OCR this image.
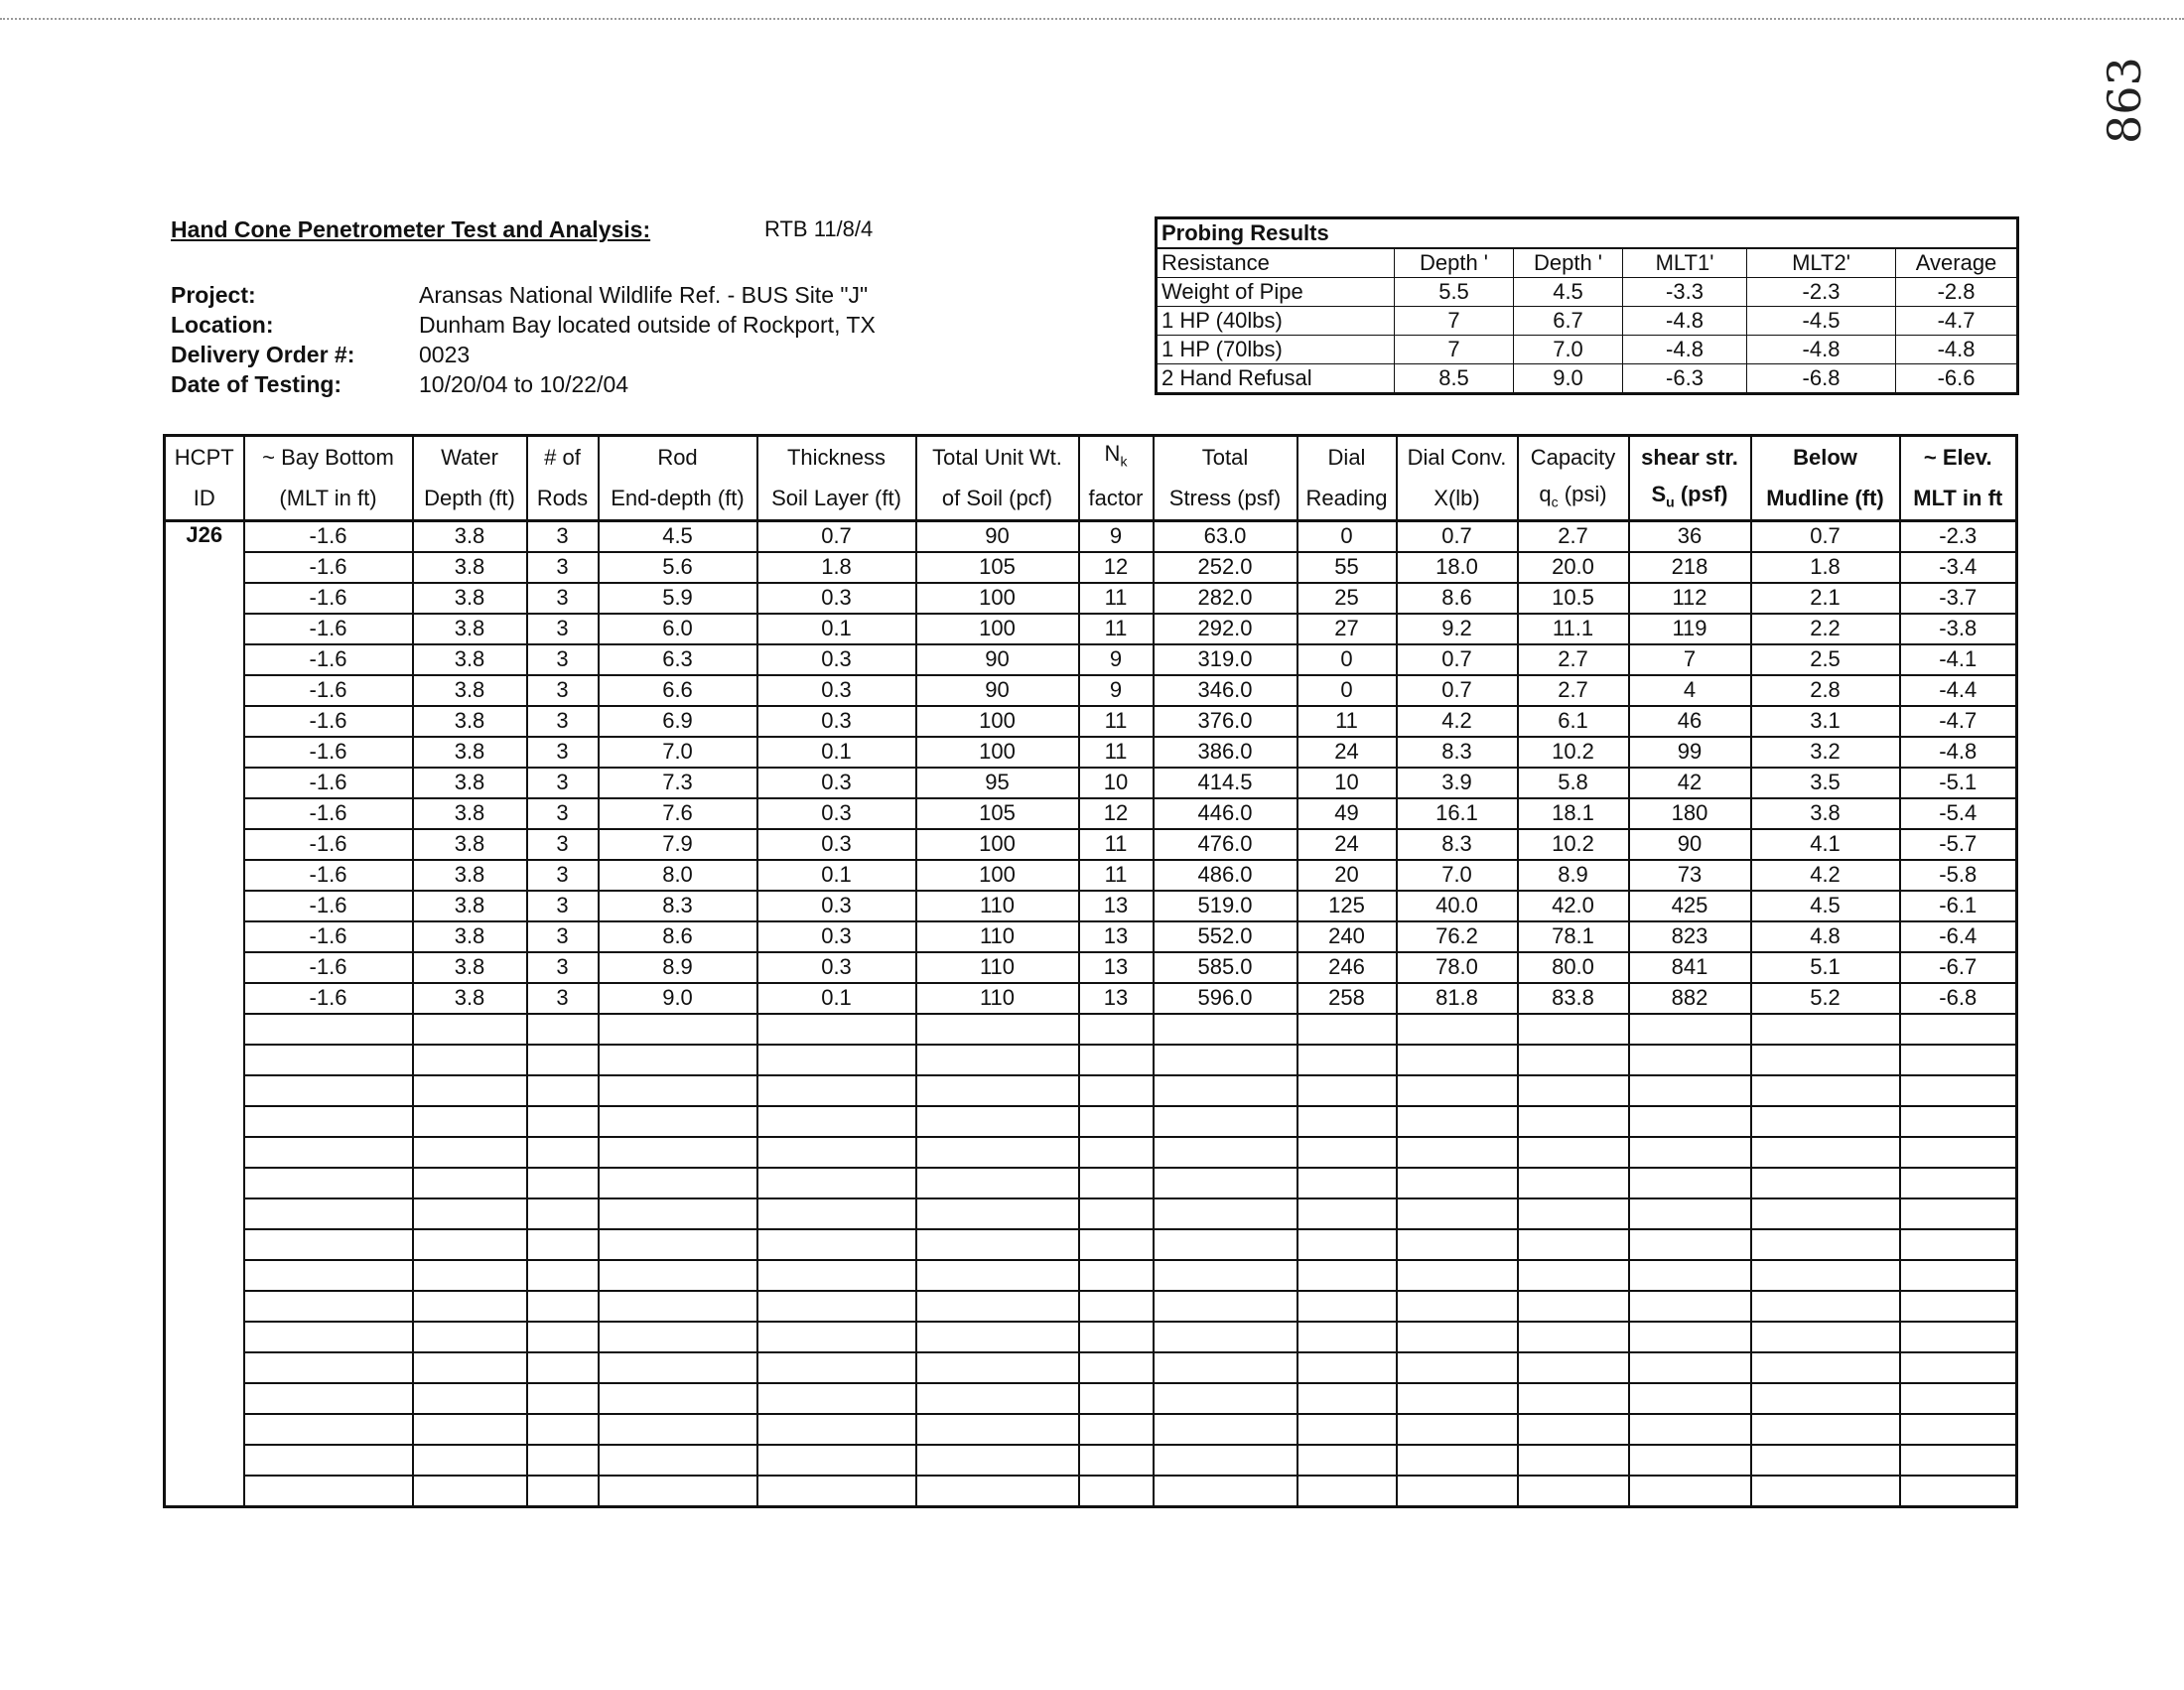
863
Hand Cone Penetrometer Test and Analysis:	RTB 11/8/4
Project:	Aransas National Wildlife Ref. - BUS Site "J"
Location:	Dunham Bay located outside of Rockport, TX
Delivery Order #:	0023
Date of Testing:	10/20/04 to 10/22/04
Probing Results					
Resistance	Depth '	Depth '	MLT1'	MLT2'	Average
Weight of Pipe	5.5	4.5	-3.3	-2.3	-2.8
1 HP (40lbs)	7	6.7	-4.8	-4.5	-4.7
1 HP (70lbs)	7	7.0	-4.8	-4.8	-4.8
2 Hand Refusal	8.5	9.0	-6.3	-6.8	-6.6
HCPT	~ Bay Bottom	Water	# of	Rod	Thickness	Total Unit Wt.	$N_k$	Total	Dial	Dial Conv.	Capacity	shear str.	Below	~ Elev.
ID	(MLT in ft)	Depth (ft)	Rods	End-depth (ft)	Soil Layer (ft)	of Soil (pcf)	factor	Stress (psf)	Reading	X(lb)	$q_c$ (psi)	$S_u$ (psf)	Mudline (ft)	MLT in ft
J26	-1.6	3.8	3	4.5	0.7	90	9	63.0	0	0.7	2.7	36	0.7	-2.3
	-1.6	3.8	3	5.6	1.8	105	12	252.0	55	18.0	20.0	218	1.8	-3.4
	-1.6	3.8	3	5.9	0.3	100	11	282.0	25	8.6	10.5	112	2.1	-3.7
	-1.6	3.8	3	6.0	0.1	100	11	292.0	27	9.2	11.1	119	2.2	-3.8
	-1.6	3.8	3	6.3	0.3	90	9	319.0	0	0.7	2.7	7	2.5	-4.1
	-1.6	3.8	3	6.6	0.3	90	9	346.0	0	0.7	2.7	4	2.8	-4.4
	-1.6	3.8	3	6.9	0.3	100	11	376.0	11	4.2	6.1	46	3.1	-4.7
	-1.6	3.8	3	7.0	0.1	100	11	386.0	24	8.3	10.2	99	3.2	-4.8
	-1.6	3.8	3	7.3	0.3	95	10	414.5	10	3.9	5.8	42	3.5	-5.1
	-1.6	3.8	3	7.6	0.3	105	12	446.0	49	16.1	18.1	180	3.8	-5.4
	-1.6	3.8	3	7.9	0.3	100	11	476.0	24	8.3	10.2	90	4.1	-5.7
	-1.6	3.8	3	8.0	0.1	100	11	486.0	20	7.0	8.9	73	4.2	-5.8
	-1.6	3.8	3	8.3	0.3	110	13	519.0	125	40.0	42.0	425	4.5	-6.1
	-1.6	3.8	3	8.6	0.3	110	13	552.0	240	76.2	78.1	823	4.8	-6.4
	-1.6	3.8	3	8.9	0.3	110	13	585.0	246	78.0	80.0	841	5.1	-6.7
	-1.6	3.8	3	9.0	0.1	110	13	596.0	258	81.8	83.8	882	5.2	-6.8
